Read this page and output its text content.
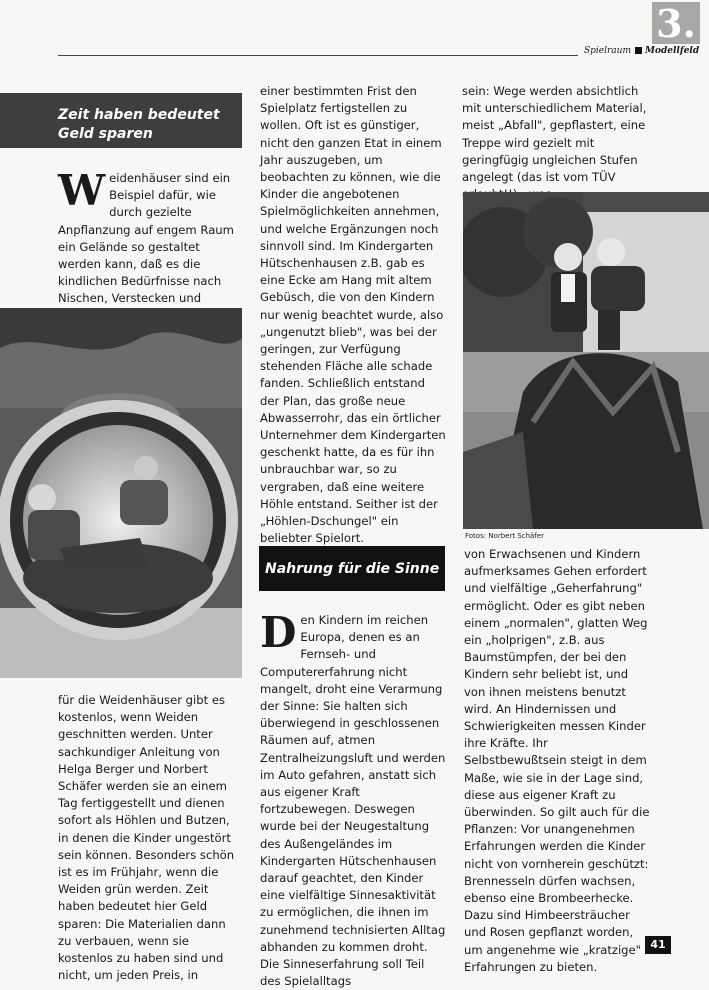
3.
Spielraum Modellfeld
Zeit haben bedeutet
Geld sparen
W eidenhäuser sind ein Beispiel dafür, wie durch gezielte Anpflanzung auf engem Raum ein Gelände so gestaltet werden kann, daß es die kindlichen Bedürfnisse nach Nischen, Verstecken und

für die Weidenhäuser gibt es kostenlos, wenn Weiden geschnitten werden. Unter sachkundiger Anleitung von Helga Berger und Norbert Schäfer werden sie an einem Tag fertiggestellt und dienen sofort als Höhlen und Butzen, in denen die Kinder ungestört sein können. Besonders schön ist es im Frühjahr, wenn die Weiden grün werden. Zeit haben bedeutet hier Geld sparen: Die Materialien dann zu verbauen, wenn sie kostenlos zu haben sind und nicht, um jeden Preis, in

einer bestimmten Frist den Spielplatz fertigstellen zu wollen. Oft ist es günstiger, nicht den ganzen Etat in einem Jahr auszugeben, um beobachten zu können, wie die Kinder die angebotenen Spielmöglichkeiten annehmen, und welche Ergänzungen noch sinnvoll sind. Im Kindergarten Hütschenhausen z.B. gab es eine Ecke am Hang mit altem Gebüsch, die von den Kindern nur wenig beachtet wurde, also „ungenutzt blieb", was bei der geringen, zur Verfügung stehenden Fläche alle schade fanden. Schließlich entstand der Plan, das große neue Abwasserrohr, das ein örtlicher Unternehmer dem Kindergarten geschenkt hatte, da es für ihn unbrauchbar war, so zu vergraben, daß eine weitere Höhle entstand. Seither ist der „Höhlen-Dschungel" ein beliebter Spielort.

Nahrung für die Sinne
D en Kindern im reichen Europa, denen es an Fernseh- und Computererfahrung nicht mangelt, droht eine Verarmung der Sinne: Sie halten sich überwiegend in geschlossenen Räumen auf, atmen Zentralheizungsluft und werden im Auto gefahren, anstatt sich aus eigener Kraft fortzubewegen. Deswegen wurde bei der Neugestaltung des Außengeländes im Kindergarten Hütschenhausen darauf geachtet, den Kinder eine vielfältige Sinnesaktivität zu ermöglichen, die ihnen im zunehmend technisierten Alltag abhanden zu kommen droht. Die Sinneserfahrung soll Teil des Spielalltags

sein: Wege werden absichtlich mit unterschiedlichem Material, meist „Abfall", gepflastert, eine Treppe wird gezielt mit geringfügig ungleichen Stufen angelegt (das ist vom TÜV

Fotos: Norbert Schäfer

von Erwachsenen und Kindern aufmerksames Gehen erfordert und vielfältige „Geherfahrung" ermöglicht. Oder es gibt neben einem „normalen", glatten Weg ein „holprigen", z.B. aus Baumstümpfen, der bei den Kindern sehr beliebt ist, und von ihnen meistens benutzt wird. An Hindernissen und Schwierigkeiten messen Kinder ihre Kräfte. Ihr Selbstbewußtsein steigt in dem Maße, wie sie in der Lage sind, diese aus eigener Kraft zu überwinden. So gilt auch für die Pflanzen: Vor unangenehmen Erfahrungen werden die Kinder nicht von vornherein geschützt: Brennesseln dürfen wachsen, ebenso eine Brombeerhecke. Dazu sind Himbeersträucher und Rosen gepflanzt worden, um angenehme wie „kratzige" Erfahrungen zu bieten.

41
